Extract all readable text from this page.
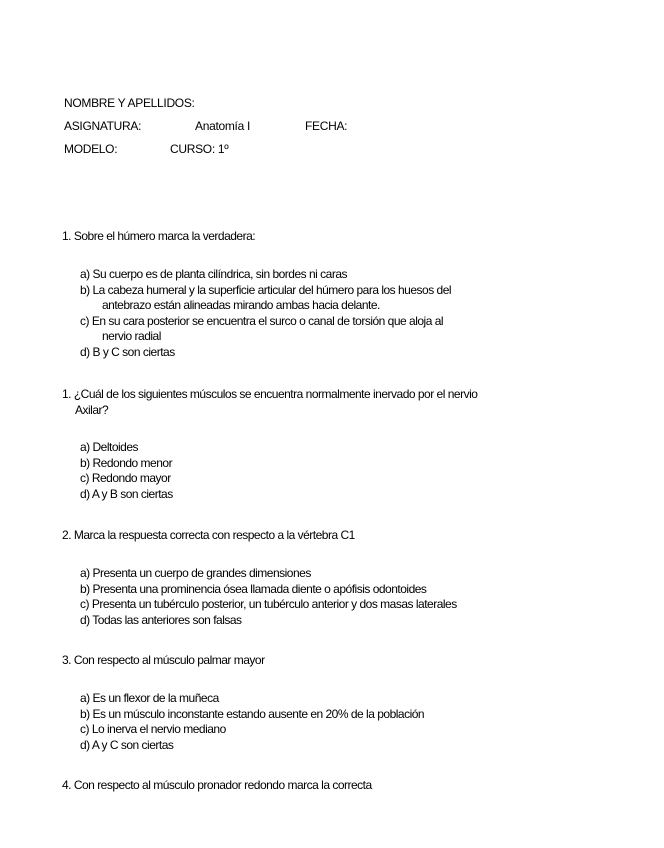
NOMBRE Y APELLIDOS:
ASIGNATURA:	Anatomía I	FECHA:
MODELO:	CURSO: 1º
1. Sobre el húmero marca la verdadera:
a) Su cuerpo es de planta cilíndrica, sin bordes ni caras
b) La cabeza humeral y la superficie articular del húmero para los huesos del
antebrazo están alineadas mirando ambas hacia delante.
c) En su cara posterior se encuentra el surco o canal de torsión que aloja al
nervio radial
d) B y C son ciertas
1. ¿Cuál de los siguientes músculos se encuentra normalmente inervado por el nervio
Axilar?
a) Deltoides
b) Redondo menor
c) Redondo mayor
d) A y B son ciertas
2. Marca la respuesta correcta con respecto a la vértebra C1
a) Presenta un cuerpo de grandes dimensiones
b) Presenta una prominencia ósea llamada diente o apófisis odontoides
c) Presenta un tubérculo posterior, un tubérculo anterior y dos masas laterales
d) Todas las anteriores son falsas
3. Con respecto al músculo palmar mayor
a) Es un flexor de la muñeca
b) Es un músculo inconstante estando ausente en 20% de la población
c) Lo inerva el nervio mediano
d) A y C son ciertas
4. Con respecto al músculo pronador redondo marca la correcta
